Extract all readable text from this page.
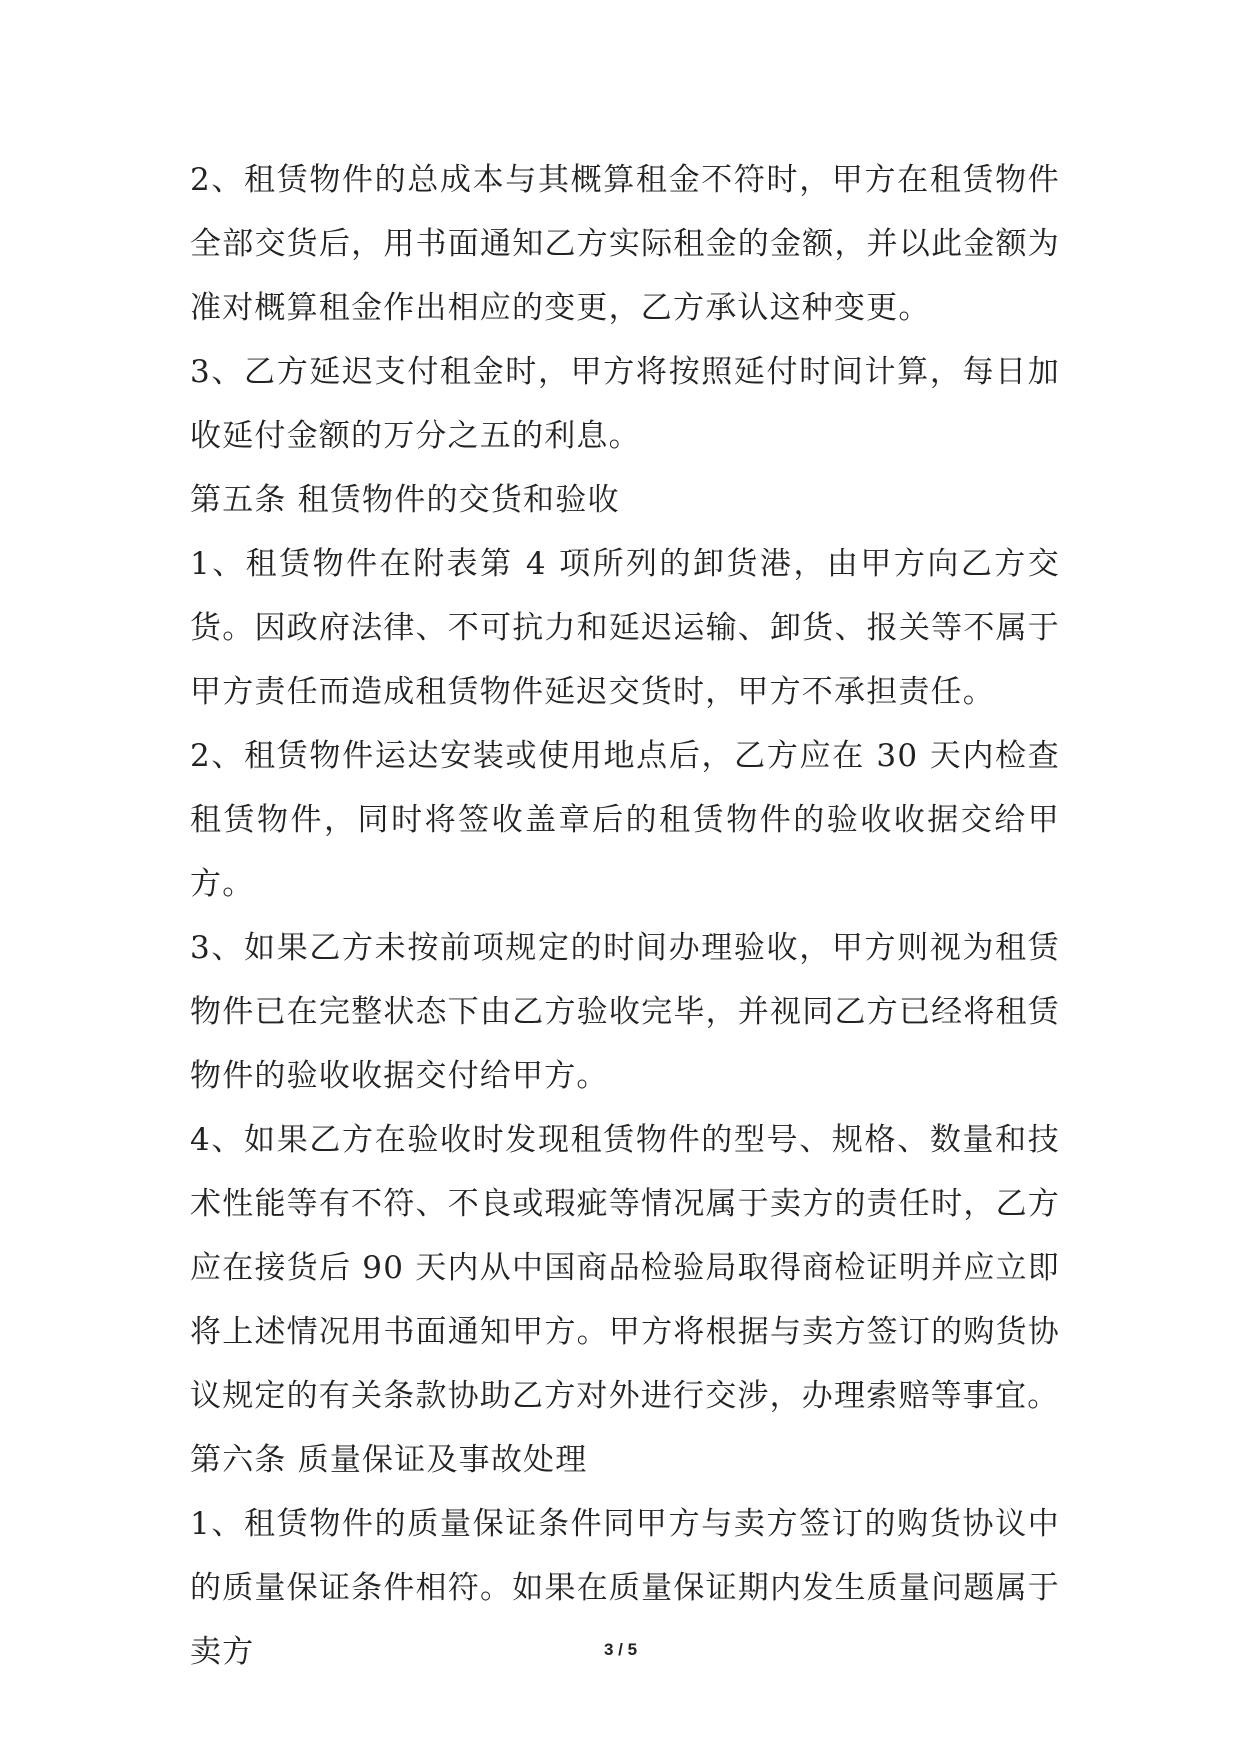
2、租赁物件的总成本与其概算租金不符时，甲方在租赁物件全部交货后，用书面通知乙方实际租金的金额，并以此金额为准对概算租金作出相应的变更，乙方承认这种变更。

3、乙方延迟支付租金时，甲方将按照延付时间计算，每日加收延付金额的万分之五的利息。

第五条 租赁物件的交货和验收

1、租赁物件在附表第 4 项所列的卸货港，由甲方向乙方交货。因政府法律、不可抗力和延迟运输、卸货、报关等不属于甲方责任而造成租赁物件延迟交货时，甲方不承担责任。

2、租赁物件运达安装或使用地点后，乙方应在 30 天内检查租赁物件，同时将签收盖章后的租赁物件的验收收据交给甲方。

3、如果乙方未按前项规定的时间办理验收，甲方则视为租赁物件已在完整状态下由乙方验收完毕，并视同乙方已经将租赁物件的验收收据交付给甲方。

4、如果乙方在验收时发现租赁物件的型号、规格、数量和技术性能等有不符、不良或瑕疵等情况属于卖方的责任时，乙方应在接货后 90 天内从中国商品检验局取得商检证明并应立即将上述情况用书面通知甲方。甲方将根据与卖方签订的购货协议规定的有关条款协助乙方对外进行交涉，办理索赔等事宜。

第六条 质量保证及事故处理

1、租赁物件的质量保证条件同甲方与卖方签订的购货协议中的质量保证条件相符。如果在质量保证期内发生质量问题属于卖方	3 / 5
